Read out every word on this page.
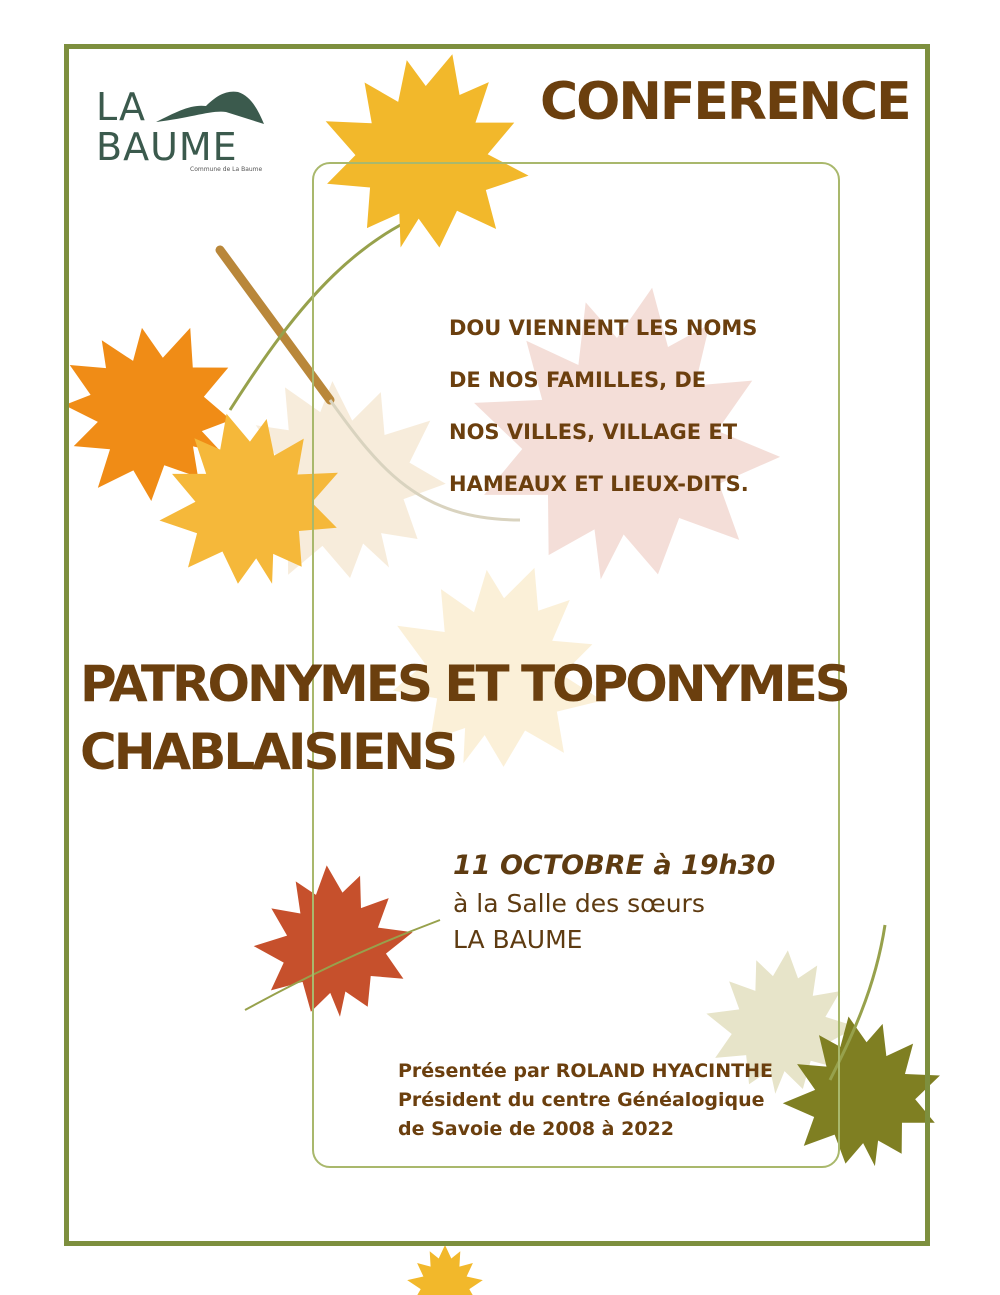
LA
BAUME
Commune de La Baume
CONFERENCE
DOU VIENNENT LES NOMS
DE NOS FAMILLES, DE
NOS VILLES, VILLAGE ET
HAMEAUX ET LIEUX-DITS.
PATRONYMES ET TOPONYMES
CHABLAISIENS
11 OCTOBRE à 19h30
à la Salle des sœurs
LA BAUME
Présentée par ROLAND HYACINTHE
Président du centre Généalogique
de Savoie de 2008 à 2022
